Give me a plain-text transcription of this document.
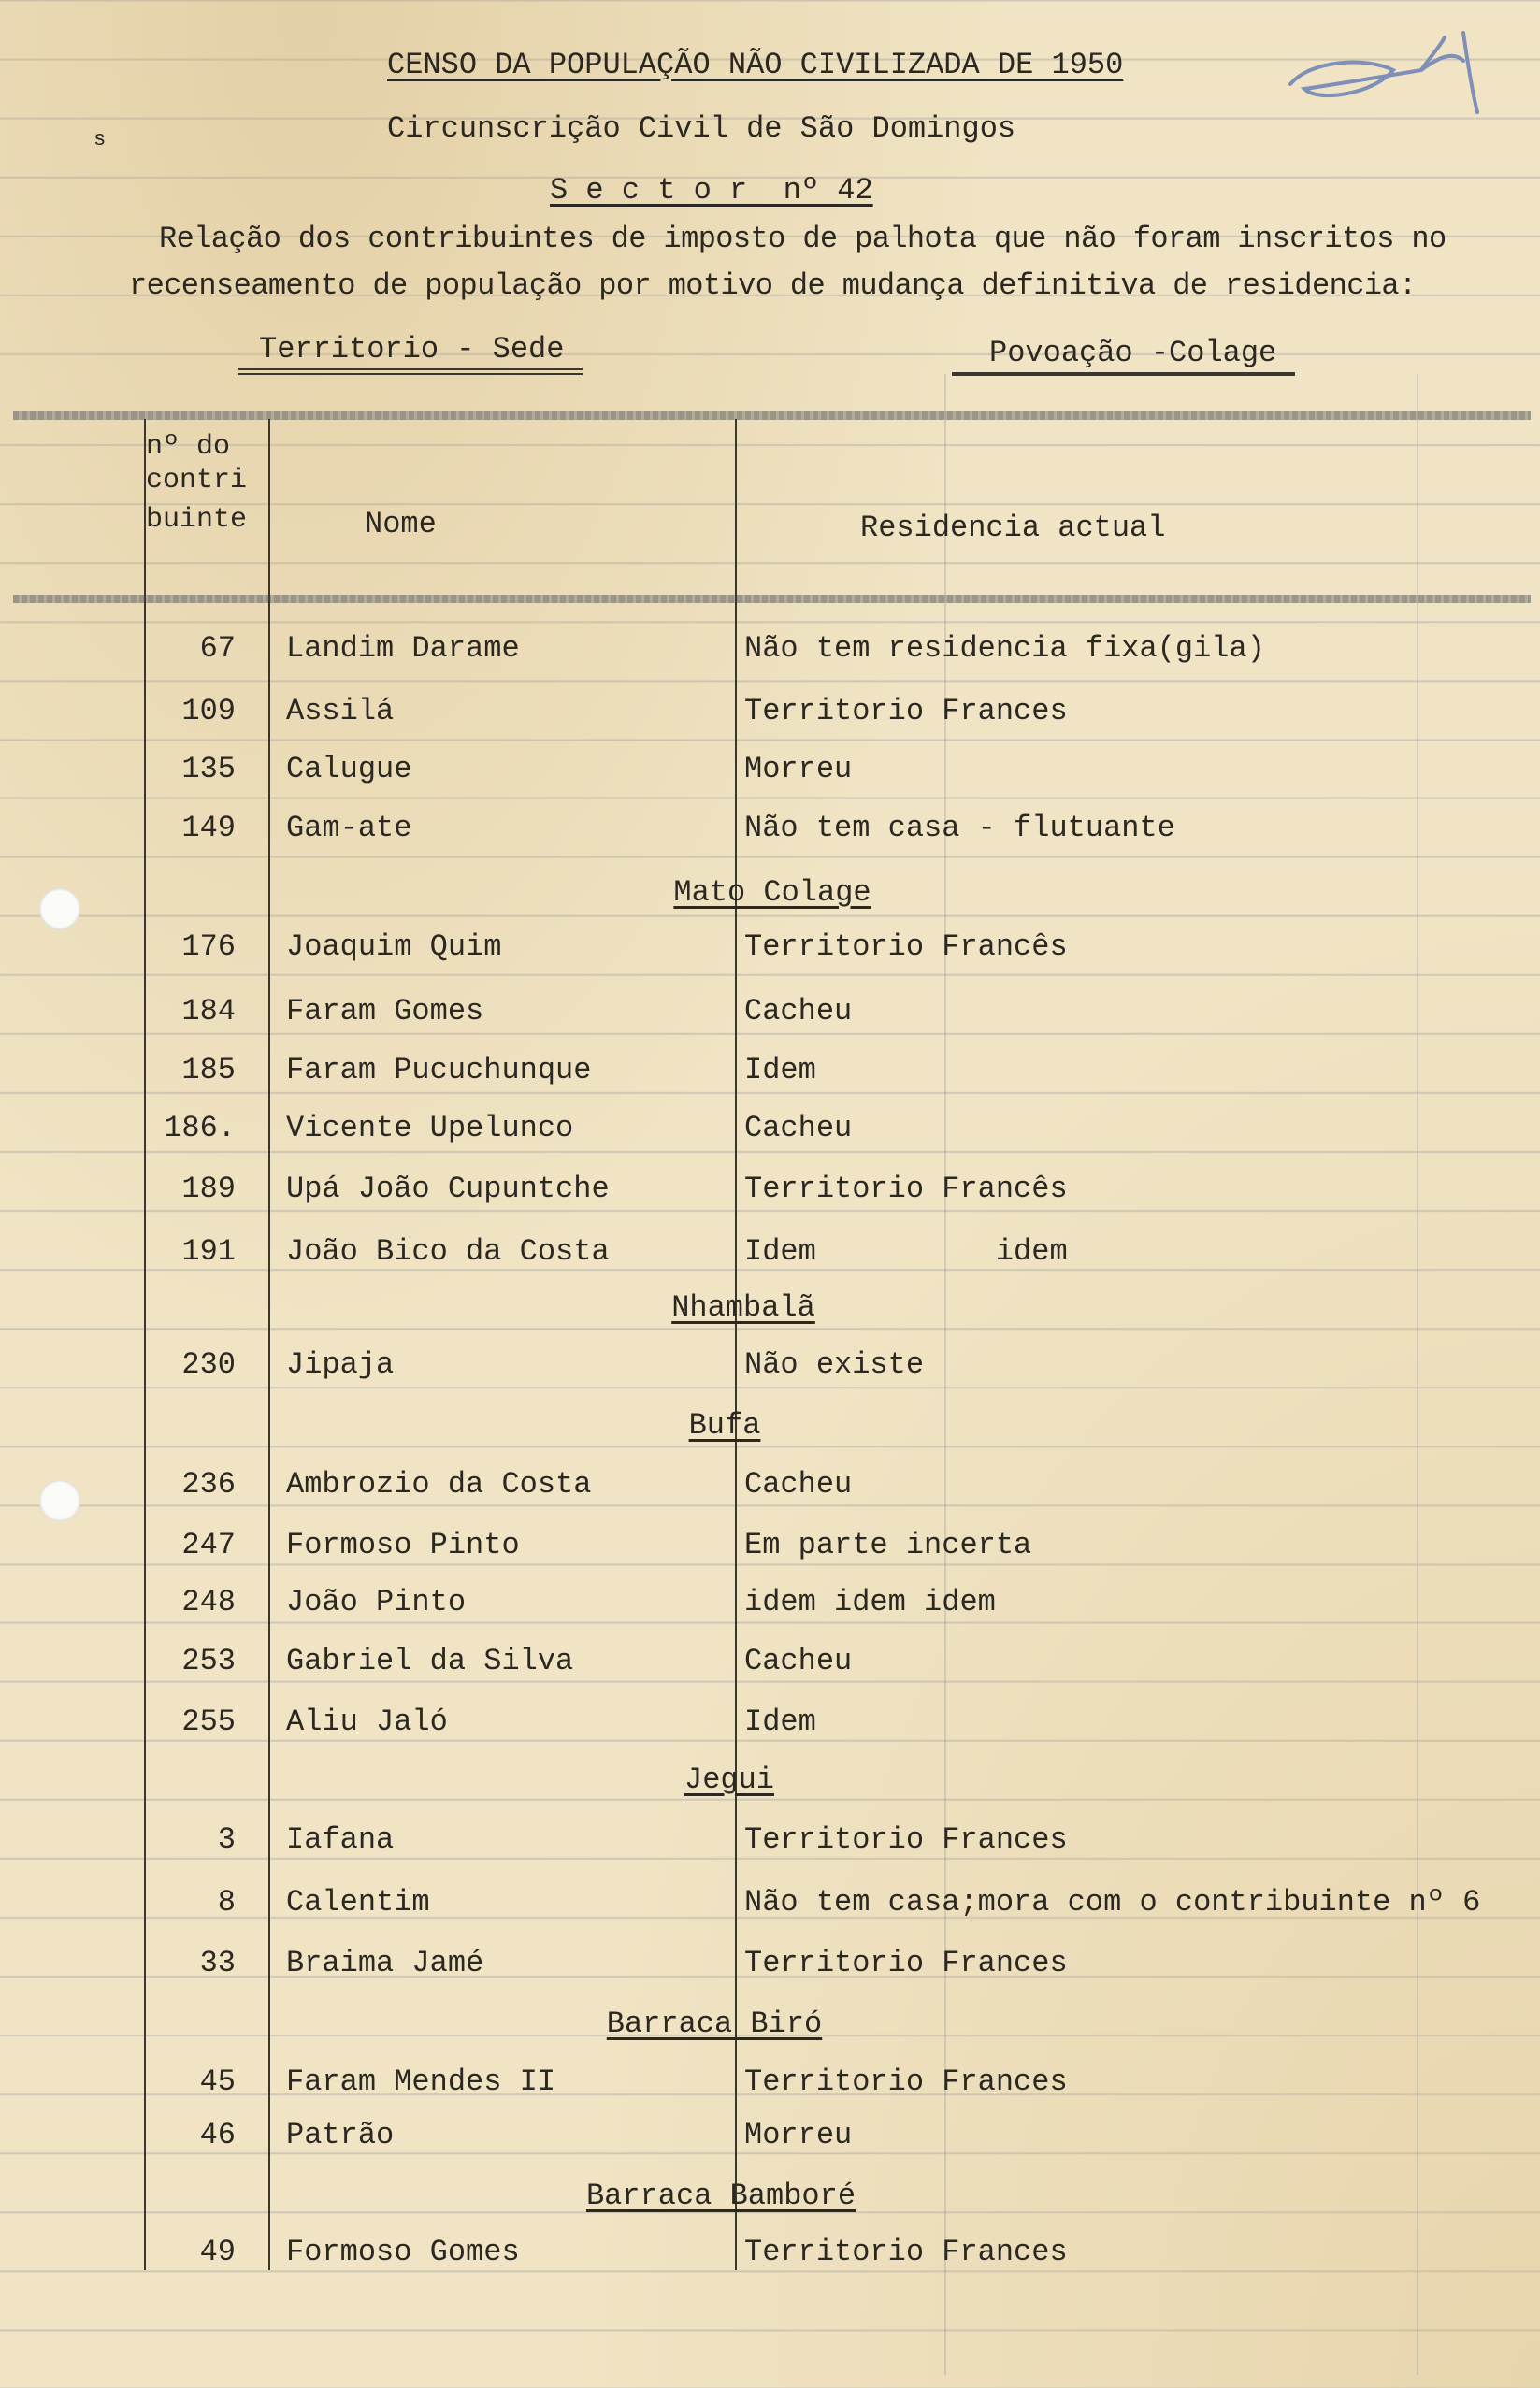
s
CENSO DA POPULAÇÃO NÃO CIVILIZADA DE 1950
Circunscrição Civil de São Domingos
S e c t o r  nº 42
Relação dos contribuintes de imposto de palhota que não foram inscritos no
recenseamento de população por motivo de mudança definitiva de residencia:
Territorio - Sede	Povoação -Colage
nº do
contri
buinte	Nome	Residencia actual
67 Landim Darame	Não tem residencia fixa(gila)
109 Assilá	Territorio Frances
135 Calugue	Morreu
149 Gam-ate	Não tem casa - flutuante
Mato Colage
176 Joaquim Quim	Territorio Francês
184 Faram Gomes	Cacheu
185 Faram Pucuchunque	Idem
186. Vicente Upelunco	Cacheu
189 Upá João Cupuntche	Territorio Francês
191 João Bico da Costa	Idem          idem
Nhambalã
230 Jipaja	Não existe
Bufa
236 Ambrozio da Costa	Cacheu
247 Formoso Pinto	Em parte incerta
248 João Pinto	idem idem idem
253 Gabriel da Silva	Cacheu
255 Aliu Jaló	Idem
Jegui
3 Iafana	Territorio Frances
8 Calentim	Não tem casa;mora com o contribuinte nº 6
33 Braima Jamé	Territorio Frances
Barraca Biró
45 Faram Mendes II	Territorio Frances
46 Patrão	Morreu
Barraca Bamboré
49 Formoso Gomes	Territorio Frances
